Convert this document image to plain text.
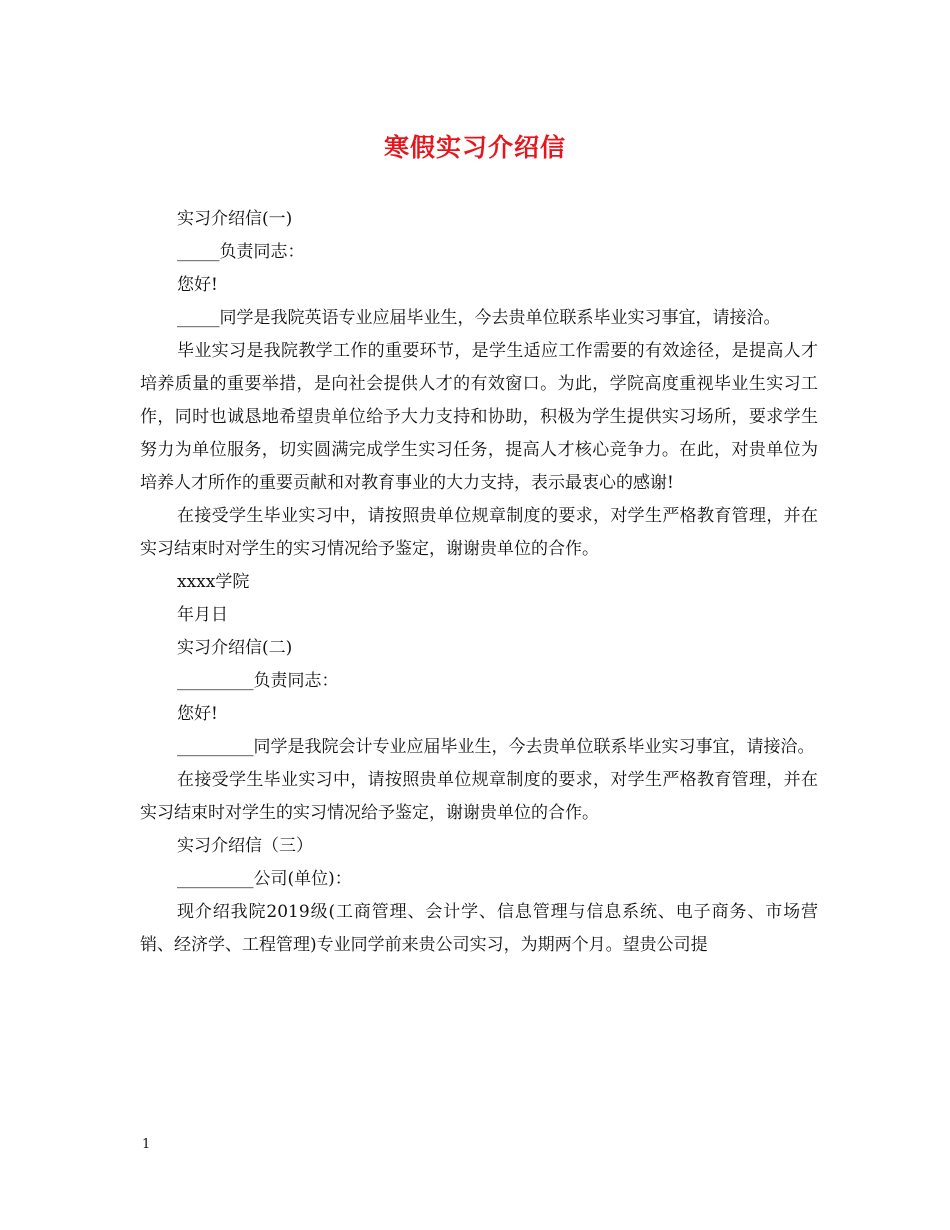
寒假实习介绍信

实习介绍信(一)

_____负责同志：

您好!

_____同学是我院英语专业应届毕业生，今去贵单位联系毕业实习事宜，请接洽。

毕业实习是我院教学工作的重要环节，是学生适应工作需要的有效途径，是提高人才培养质量的重要举措，是向社会提供人才的有效窗口。为此，学院高度重视毕业生实习工作，同时也诚恳地希望贵单位给予大力支持和协助，积极为学生提供实习场所，要求学生努力为单位服务，切实圆满完成学生实习任务，提高人才核心竞争力。在此，对贵单位为培养人才所作的重要贡献和对教育事业的大力支持，表示最衷心的感谢!

在接受学生毕业实习中，请按照贵单位规章制度的要求，对学生严格教育管理，并在实习结束时对学生的实习情况给予鉴定，谢谢贵单位的合作。

xxxx学院

年月日

实习介绍信(二)

_________负责同志：

您好!

_________同学是我院会计专业应届毕业生，今去贵单位联系毕业实习事宜，请接洽。

在接受学生毕业实习中，请按照贵单位规章制度的要求，对学生严格教育管理，并在实习结束时对学生的实习情况给予鉴定，谢谢贵单位的合作。

实习介绍信（三）

_________公司(单位)：

现介绍我院2019级(工商管理、会计学、信息管理与信息系统、电子商务、市场营销、经济学、工程管理)专业同学前来贵公司实习，为期两个月。望贵公司提

1
